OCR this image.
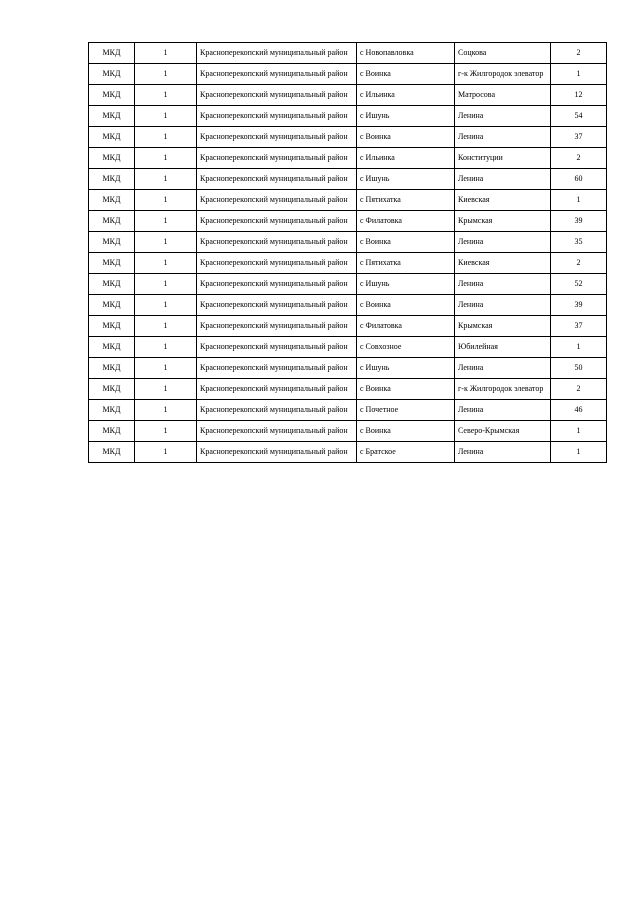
МКД	1	Красноперекопский муниципальный район	с Новопавловка	Соцкова	2
МКД	1	Красноперекопский муниципальный район	с Воинка	г-к Жилгородок элеватор	1
МКД	1	Красноперекопский муниципальный район	с Ильинка	Матросова	12
МКД	1	Красноперекопский муниципальный район	с Ишунь	Ленина	54
МКД	1	Красноперекопский муниципальный район	с Воинка	Ленина	37
МКД	1	Красноперекопский муниципальный район	с Ильинка	Конституции	2
МКД	1	Красноперекопский муниципальный район	с Ишунь	Ленина	60
МКД	1	Красноперекопский муниципальный район	с Пятихатка	Киевская	1
МКД	1	Красноперекопский муниципальный район	с Филатовка	Крымская	39
МКД	1	Красноперекопский муниципальный район	с Воинка	Ленина	35
МКД	1	Красноперекопский муниципальный район	с Пятихатка	Киевская	2
МКД	1	Красноперекопский муниципальный район	с Ишунь	Ленина	52
МКД	1	Красноперекопский муниципальный район	с Воинка	Ленина	39
МКД	1	Красноперекопский муниципальный район	с Филатовка	Крымская	37
МКД	1	Красноперекопский муниципальный район	с Совхозное	Юбилейная	1
МКД	1	Красноперекопский муниципальный район	с Ишунь	Ленина	50
МКД	1	Красноперекопский муниципальный район	с Воинка	г-к Жилгородок элеватор	2
МКД	1	Красноперекопский муниципальный район	с Почетное	Ленина	46
МКД	1	Красноперекопский муниципальный район	с Воинка	Северо-Крымская	1
МКД	1	Красноперекопский муниципальный район	с Братское	Ленина	1
